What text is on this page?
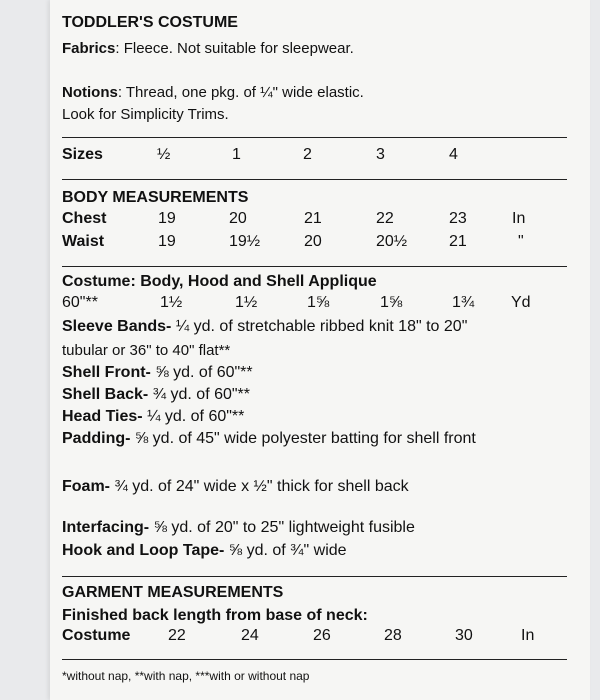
TODDLER'S COSTUME
Fabrics: Fleece. Not suitable for sleepwear.
Notions: Thread, one pkg. of ¼" wide elastic.
Look for Simplicity Trims.
Sizes	½	1	2	3	4
BODY MEASUREMENTS
Chest	19	20	21	22	23	In
Waist	19	19½	20	20½	21	"
Costume: Body, Hood and Shell Applique
60"**	1½	1½	1⅝	1⅝	1¾ Yd
Sleeve Bands- ¼ yd. of stretchable ribbed knit 18" to 20"
tubular or 36" to 40" flat**
Shell Front- ⅝ yd. of 60"**
Shell Back- ¾ yd. of 60"**
Head Ties- ¼ yd. of 60"**
Padding- ⅝ yd. of 45" wide polyester batting for shell front
Foam- ¾ yd. of 24" wide x ½" thick for shell back
Interfacing- ⅝ yd. of 20" to 25" lightweight fusible
Hook and Loop Tape- ⅝ yd. of ¾" wide
GARMENT MEASUREMENTS
Finished back length from base of neck:
Costume 22	24	26	28	30	In
*without nap, **with nap, ***with or without nap
